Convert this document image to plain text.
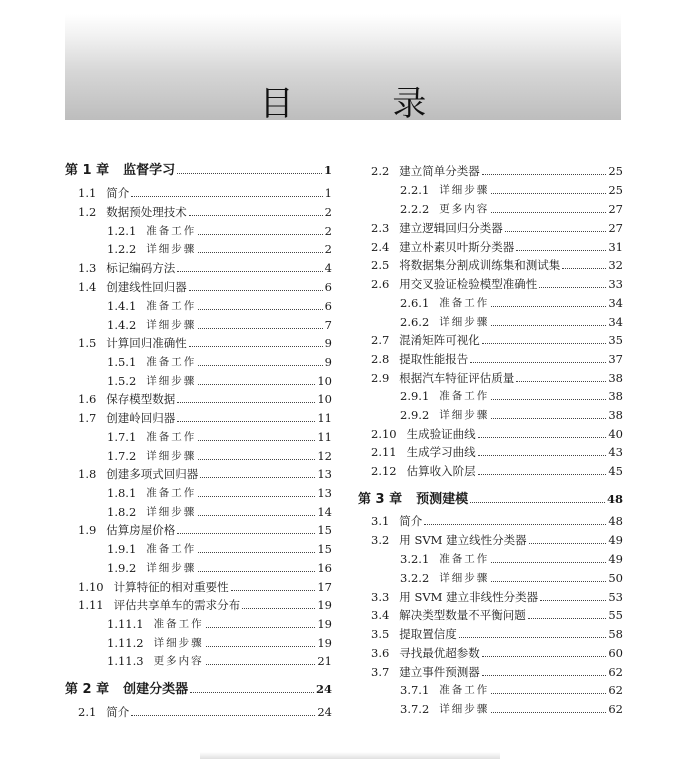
目 录
第 1 章 监督学习	1
1.1 简介	1
1.2 数据预处理技术	2
1.2.1 准备工作	2
1.2.2 详细步骤	2
1.3 标记编码方法	4
1.4 创建线性回归器	6
1.4.1 准备工作	6
1.4.2 详细步骤	7
1.5 计算回归准确性	9
1.5.1 准备工作	9
1.5.2 详细步骤	10
1.6 保存模型数据	10
1.7 创建岭回归器	11
1.7.1 准备工作	11
1.7.2 详细步骤	12
1.8 创建多项式回归器	13
1.8.1 准备工作	13
1.8.2 详细步骤	14
1.9 估算房屋价格	15
1.9.1 准备工作	15
1.9.2 详细步骤	16
1.10 计算特征的相对重要性	17
1.11 评估共享单车的需求分布	19
1.11.1 准备工作	19
1.11.2 详细步骤	19
1.11.3 更多内容	21
第 2 章 创建分类器	24
2.1 简介	24
2.2 建立简单分类器	25
2.2.1 详细步骤	25
2.2.2 更多内容	27
2.3 建立逻辑回归分类器	27
2.4 建立朴素贝叶斯分类器	31
2.5 将数据集分割成训练集和测试集	32
2.6 用交叉验证检验模型准确性	33
2.6.1 准备工作	34
2.6.2 详细步骤	34
2.7 混淆矩阵可视化	35
2.8 提取性能报告	37
2.9 根据汽车特征评估质量	38
2.9.1 准备工作	38
2.9.2 详细步骤	38
2.10 生成验证曲线	40
2.11 生成学习曲线	43
2.12 估算收入阶层	45
第 3 章 预测建模	48
3.1 简介	48
3.2 用 SVM 建立线性分类器	49
3.2.1 准备工作	49
3.2.2 详细步骤	50
3.3 用 SVM 建立非线性分类器	53
3.4 解决类型数量不平衡问题	55
3.5 提取置信度	58
3.6 寻找最优超参数	60
3.7 建立事件预测器	62
3.7.1 准备工作	62
3.7.2 详细步骤	62
